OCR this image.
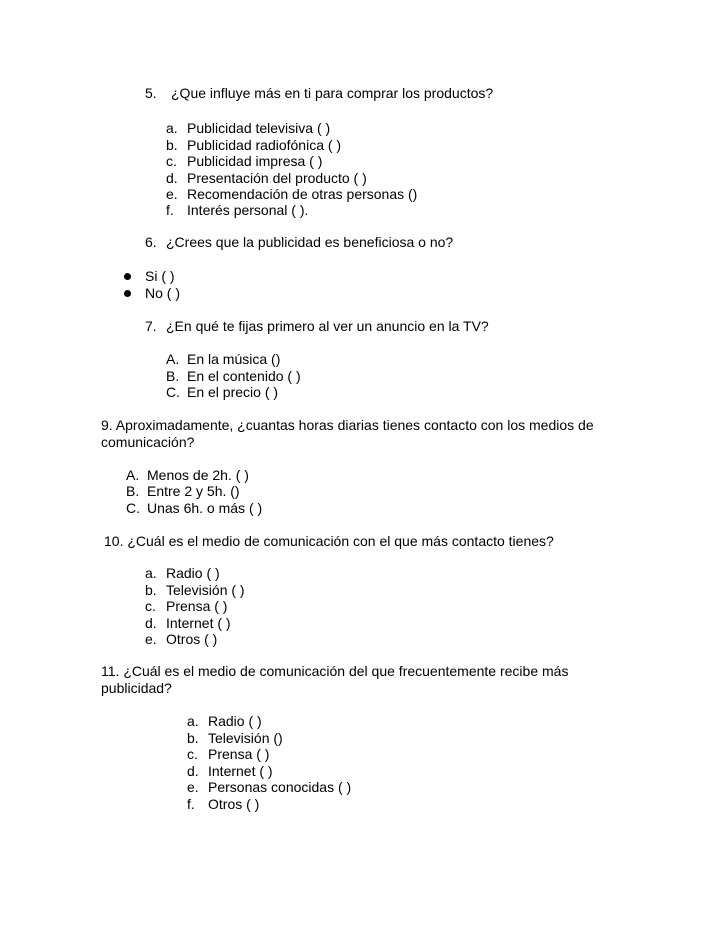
5. ¿Que influye más en ti para comprar los productos?
a. Publicidad televisiva ( )
b. Publicidad radiofónica ( )
c. Publicidad impresa ( )
d. Presentación del producto ( )
e. Recomendación de otras personas ()
f. Interés personal ( ).
6. ¿Crees que la publicidad es beneficiosa o no?
Si ( )
No ( )
7. ¿En qué te fijas primero al ver un anuncio en la TV?
A. En la música ()
B. En el contenido ( )
C. En el precio ( )
9. Aproximadamente, ¿cuantas horas diarias tienes contacto con los medios de
comunicación?
A. Menos de 2h. ( )
B. Entre 2 y 5h. ()
C. Unas 6h. o más ( )
10. ¿Cuál es el medio de comunicación con el que más contacto tienes?
a. Radio ( )
b. Televisión ( )
c. Prensa ( )
d. Internet ( )
e. Otros ( )
11. ¿Cuál es el medio de comunicación del que frecuentemente recibe más
publicidad?
a. Radio ( )
b. Televisión ()
c. Prensa ( )
d. Internet ( )
e. Personas conocidas ( )
f. Otros ( )
